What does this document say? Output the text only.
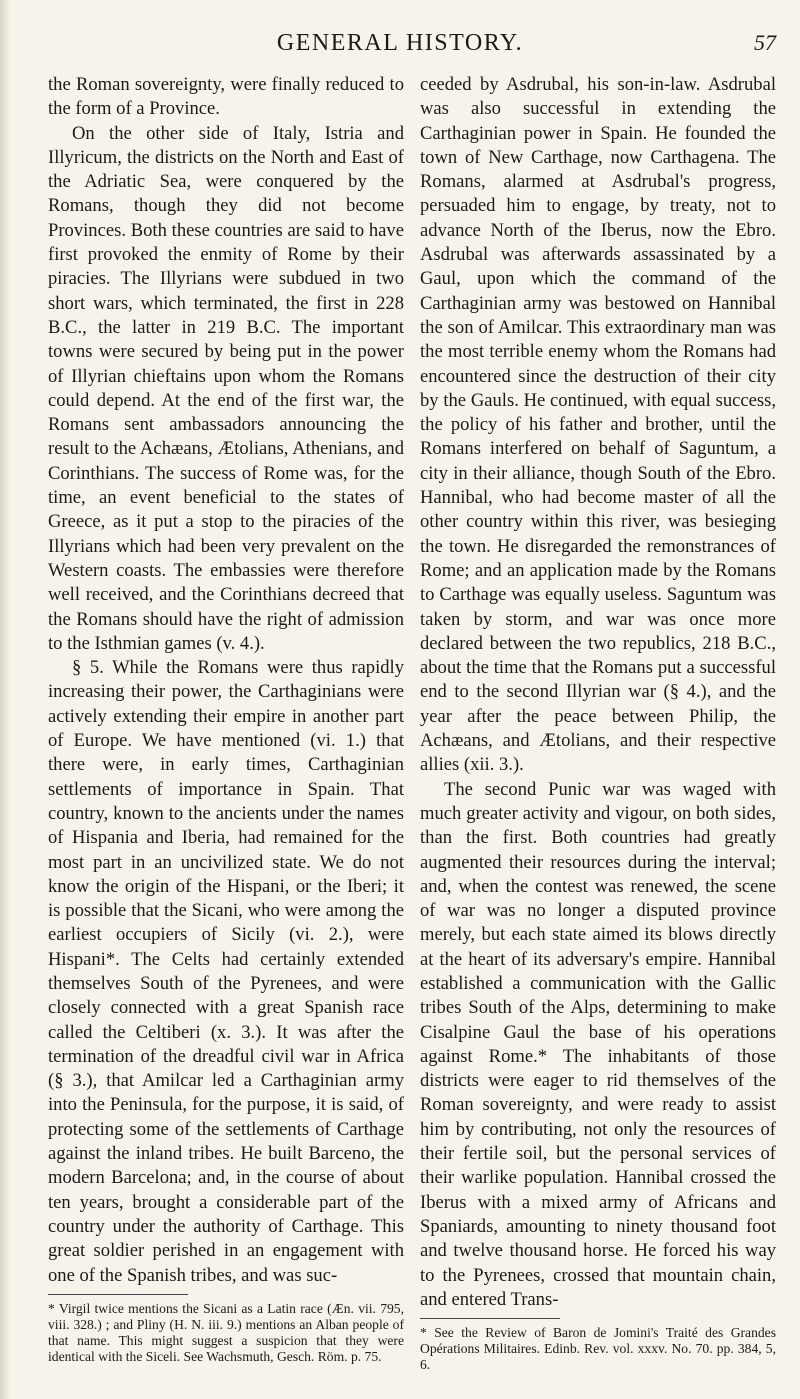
GENERAL HISTORY.	57

the Roman sovereignty, were finally reduced to the form of a Province.

On the other side of Italy, Istria and Illyricum, the districts on the North and East of the Adriatic Sea, were conquered by the Romans, though they did not become Provinces. Both these countries are said to have first provoked the enmity of Rome by their piracies. The Illyrians were subdued in two short wars, which terminated, the first in 228 B.C., the latter in 219 B.C. The important towns were secured by being put in the power of Illyrian chieftains upon whom the Romans could depend. At the end of the first war, the Romans sent ambassadors announcing the result to the Achæans, Ætolians, Athenians, and Corinthians. The success of Rome was, for the time, an event beneficial to the states of Greece, as it put a stop to the piracies of the Illyrians which had been very prevalent on the Western coasts. The embassies were therefore well received, and the Corinthians decreed that the Romans should have the right of admission to the Isthmian games (v. 4.).

§ 5. While the Romans were thus rapidly increasing their power, the Carthaginians were actively extending their empire in another part of Europe. We have mentioned (vi. 1.) that there were, in early times, Carthaginian settlements of importance in Spain. That country, known to the ancients under the names of Hispania and Iberia, had remained for the most part in an uncivilized state. We do not know the origin of the Hispani, or the Iberi; it is possible that the Sicani, who were among the earliest occupiers of Sicily (vi. 2.), were Hispani*. The Celts had certainly extended themselves South of the Pyrenees, and were closely connected with a great Spanish race called the Celtiberi (x. 3.). It was after the termination of the dreadful civil war in Africa (§ 3.), that Amilcar led a Carthaginian army into the Peninsula, for the purpose, it is said, of protecting some of the settlements of Carthage against the inland tribes. He built Barceno, the modern Barcelona; and, in the course of about ten years, brought a considerable part of the country under the authority of Carthage. This great soldier perished in an engagement with one of the Spanish tribes, and was suc-

* Virgil twice mentions the Sicani as a Latin race (Æn. vii. 795, viii. 328.) ; and Pliny (H. N. iii. 9.) mentions an Alban people of that name. This might suggest a suspicion that they were identical with the Siceli. See Wachsmuth, Gesch. Röm. p. 75.

ceeded by Asdrubal, his son-in-law. Asdrubal was also successful in extending the Carthaginian power in Spain. He founded the town of New Carthage, now Carthagena. The Romans, alarmed at Asdrubal's progress, persuaded him to engage, by treaty, not to advance North of the Iberus, now the Ebro. Asdrubal was afterwards assassinated by a Gaul, upon which the command of the Carthaginian army was bestowed on Hannibal the son of Amilcar. This extraordinary man was the most terrible enemy whom the Romans had encountered since the destruction of their city by the Gauls. He continued, with equal success, the policy of his father and brother, until the Romans interfered on behalf of Saguntum, a city in their alliance, though South of the Ebro. Hannibal, who had become master of all the other country within this river, was besieging the town. He disregarded the remonstrances of Rome; and an application made by the Romans to Carthage was equally useless. Saguntum was taken by storm, and war was once more declared between the two republics, 218 B.C., about the time that the Romans put a successful end to the second Illyrian war (§ 4.), and the year after the peace between Philip, the Achæans, and Ætolians, and their respective allies (xii. 3.).

The second Punic war was waged with much greater activity and vigour, on both sides, than the first. Both countries had greatly augmented their resources during the interval; and, when the contest was renewed, the scene of war was no longer a disputed province merely, but each state aimed its blows directly at the heart of its adversary's empire. Hannibal established a communication with the Gallic tribes South of the Alps, determining to make Cisalpine Gaul the base of his operations against Rome.* The inhabitants of those districts were eager to rid themselves of the Roman sovereignty, and were ready to assist him by contributing, not only the resources of their fertile soil, but the personal services of their warlike population. Hannibal crossed the Iberus with a mixed army of Africans and Spaniards, amounting to ninety thousand foot and twelve thousand horse. He forced his way to the Pyrenees, crossed that mountain chain, and entered Trans-

* See the Review of Baron de Jomini's Traité des Grandes Opérations Militaires. Edinb. Rev. vol. xxxv. No. 70. pp. 384, 5, 6.
